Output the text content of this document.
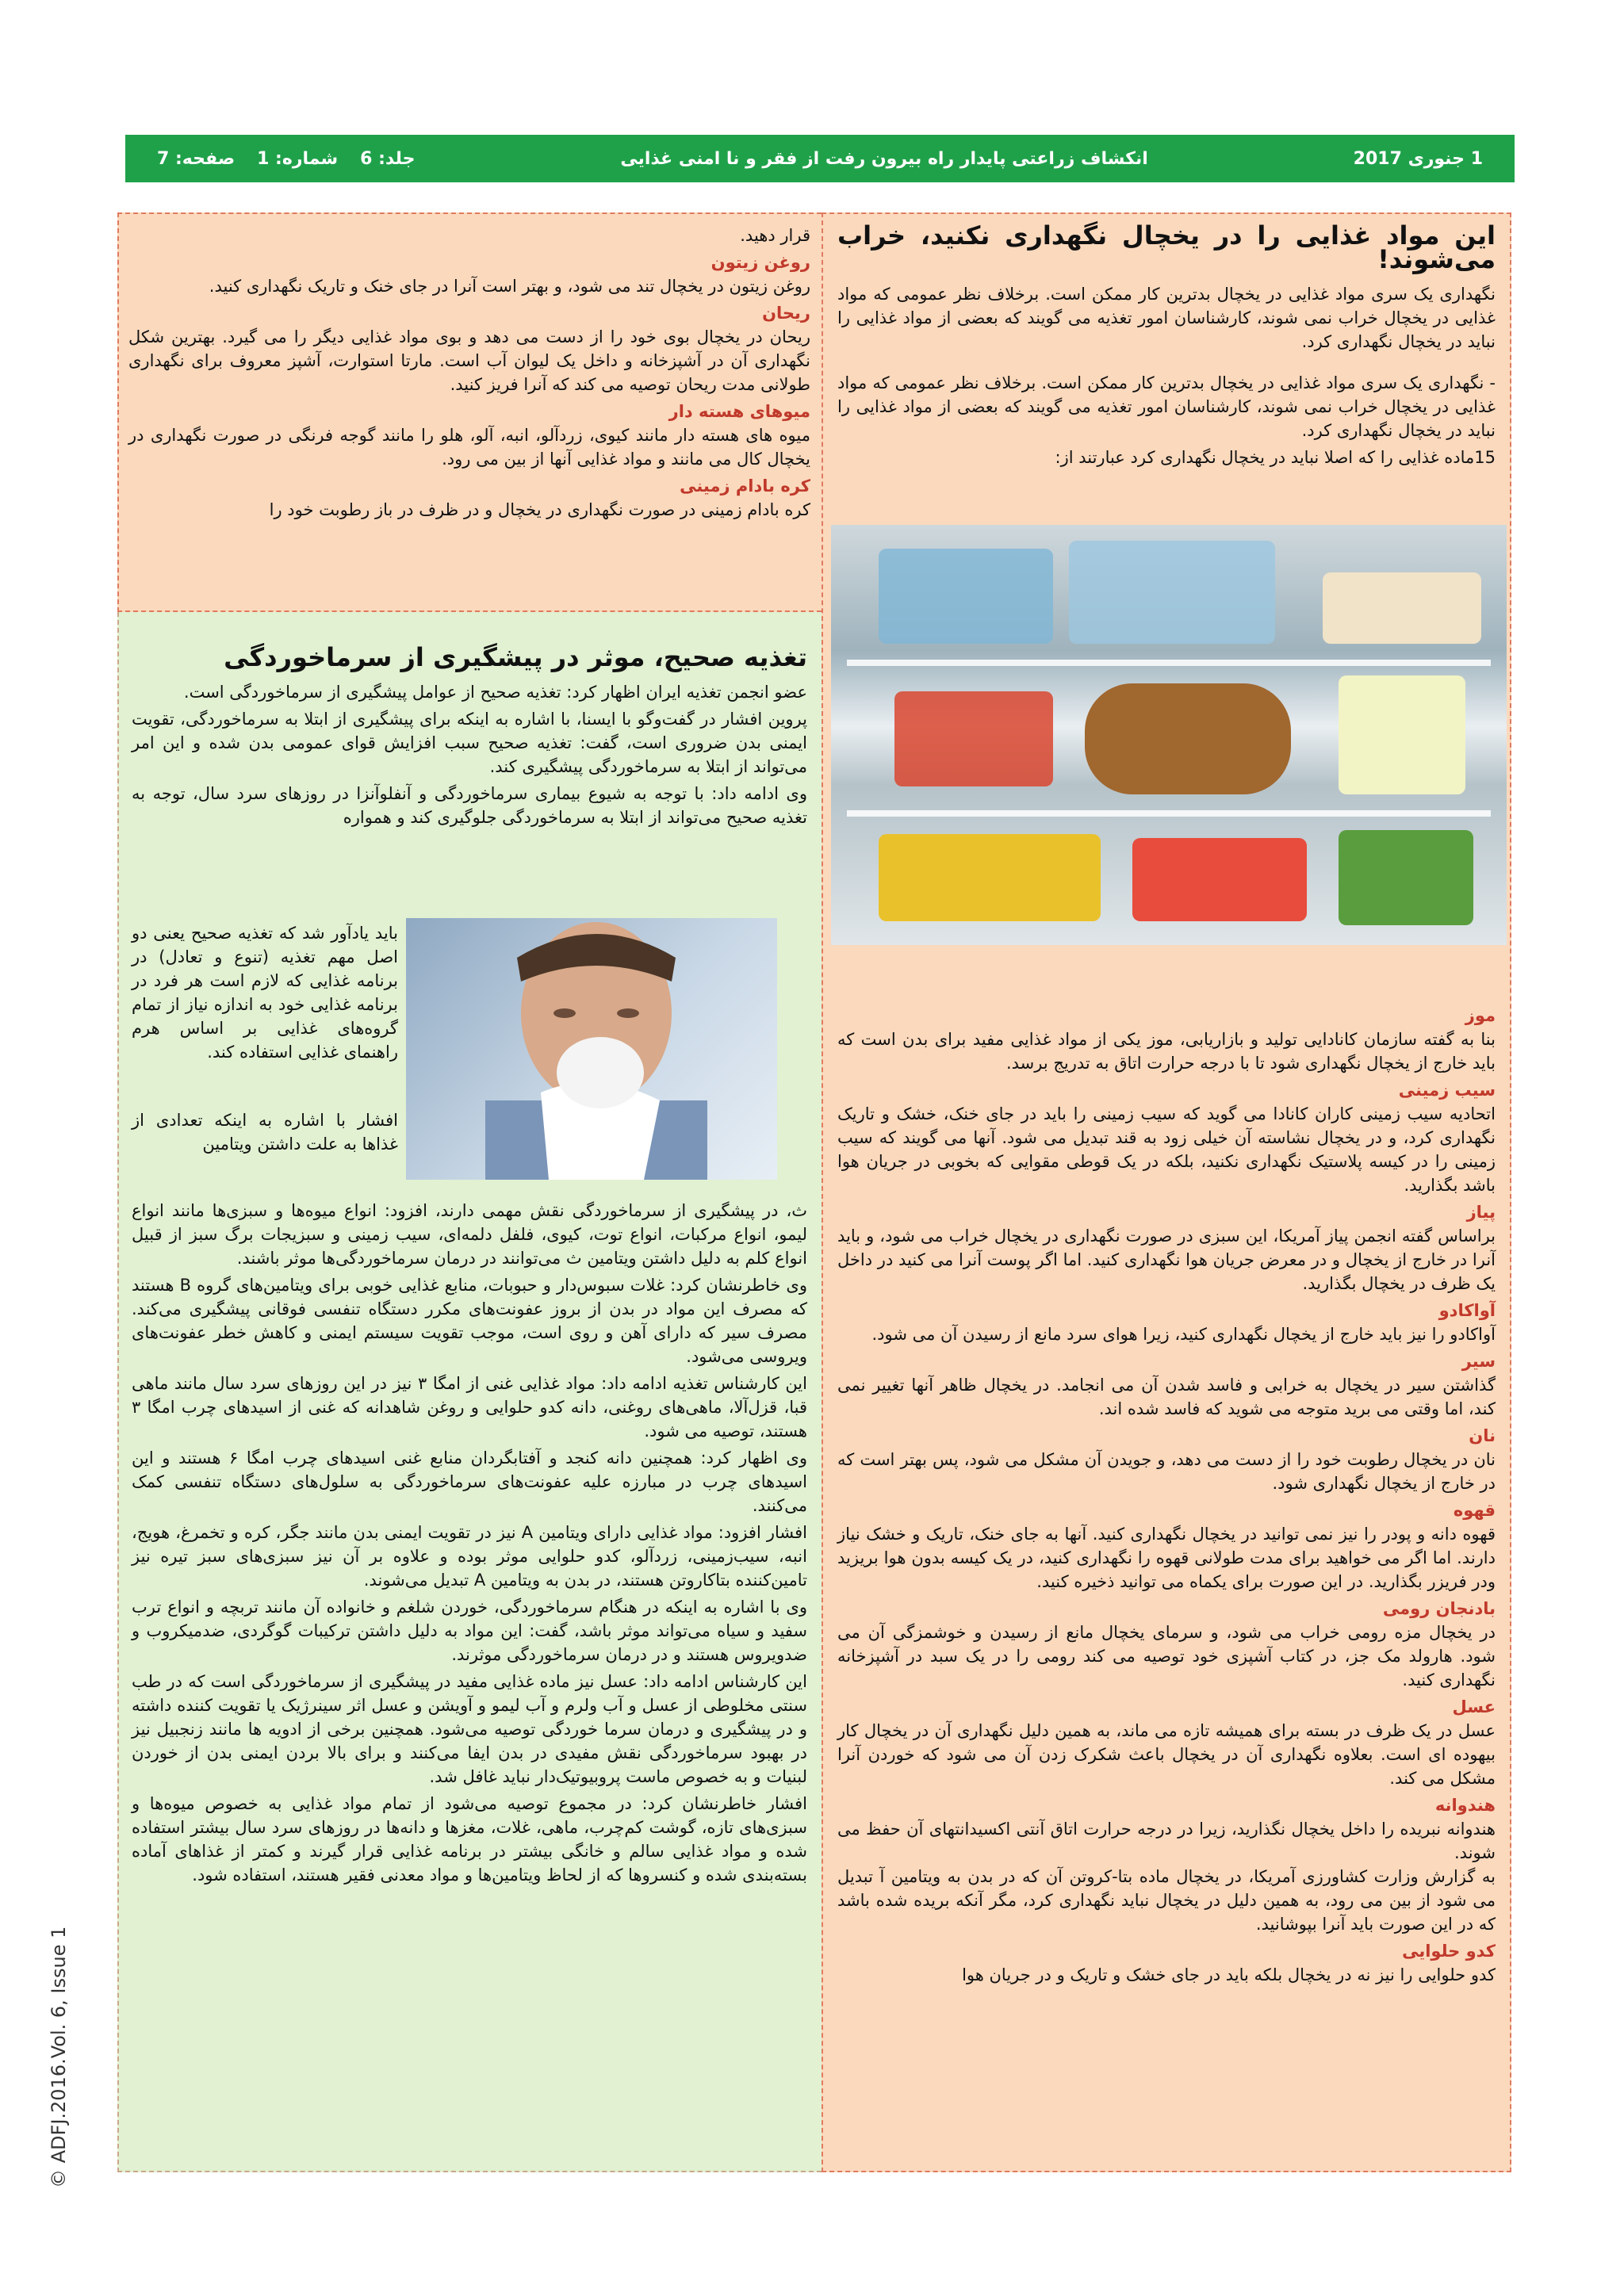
1 جنوری 2017
انکشاف زراعتی پایدار راه بیرون رفت از فقر و نا امنی غذایی
جلد: 6
شماره: 1
صفحه: 7
این مواد غذایی را در یخچال نگهداری نکنید، خراب می‌شوند!

نگهداری یک سری مواد غذایی در یخچال بدترین کار ممکن است. برخلاف نظر عمومی که مواد غذایی در یخچال خراب نمی شوند، کارشناسان امور تغذیه می گویند که بعضی از مواد غذایی را نباید در یخچال نگهداری کرد.

- نگهداری یک سری مواد غذایی در یخچال بدترین کار ممکن است. برخلاف نظر عمومی که مواد غذایی در یخچال خراب نمی شوند، کارشناسان امور تغذیه می گویند که بعضی از مواد غذایی را نباید در یخچال نگهداری کرد.

15ماده غذایی را که اصلا نباید در یخچال نگهداری کرد عبارتند از:

موز

بنا به گفته سازمان کانادایی تولید و بازاریابی، موز یکی از مواد غذایی مفید برای بدن است که باید خارج از یخچال نگهداری شود تا با درجه حرارت اتاق به تدریج برسد.

سیب زمینی

اتحادیه سیب زمینی کاران کانادا می گوید که سیب زمینی را باید در جای خنک، خشک و تاریک نگهداری کرد، و در یخچال نشاسته آن خیلی زود به قند تبدیل می شود. آنها می گویند که سیب زمینی را در کیسه پلاستیک نگهداری نکنید، بلکه در یک قوطی مقوایی که بخوبی در جریان هوا باشد بگذارید.

پیاز

براساس گفته انجمن پیاز آمریکا، این سبزی در صورت نگهداری در یخچال خراب می شود، و باید آنرا در خارج از یخچال و در معرض جریان هوا نگهداری کنید. اما اگر پوست آنرا می کنید در داخل یک ظرف در یخچال بگذارید.

آواکادو

آواکادو را نیز باید خارج از یخچال نگهداری کنید، زیرا هوای سرد مانع از رسیدن آن می شود.

سیر

گذاشتن سیر در یخچال به خرابی و فاسد شدن آن می انجامد. در یخچال ظاهر آنها تغییر نمی کند، اما وقتی می برید متوجه می شوید که فاسد شده اند.

نان

نان در یخچال رطوبت خود را از دست می دهد، و جویدن آن مشکل می شود، پس بهتر است که در خارج از یخچال نگهداری شود.

قهوه

قهوه دانه و پودر را نیز نمی توانید در یخچال نگهداری کنید. آنها به جای خنک، تاریک و خشک نیاز دارند. اما اگر می خواهید برای مدت طولانی قهوه را نگهداری کنید، در یک کیسه بدون هوا بریزید ودر فریزر بگذارید. در این صورت برای یکماه می توانید ذخیره کنید.

بادنجان رومی

در یخچال مزه رومی خراب می شود، و سرمای یخچال مانع از رسیدن و خوشمزگی آن می شود. هارولد مک جز، در کتاب آشپزی خود توصیه می کند رومی را در یک سبد در آشپزخانه نگهداری کنید.

عسل

عسل در یک ظرف در بسته برای همیشه تازه می ماند، به همین دلیل نگهداری آن در یخچال کار بیهوده ای است. بعلاوه نگهداری آن در یخچال باعث شکرک زدن آن می شود که خوردن آنرا مشکل می کند.

هندوانه

هندوانه نبریده را داخل یخچال نگذارید، زیرا در درجه حرارت اتاق آنتی اکسیدانتهای آن حفظ می شوند.
به گزارش وزارت کشاورزی آمریکا، در یخچال ماده بتا-کروتن آن که در بدن به ویتامین آ تبدیل می شود از بین می رود، به همین دلیل در یخچال نباید نگهداری کرد، مگر آنکه بریده شده باشد که در این صورت باید آنرا بپوشانید.

کدو حلوایی

کدو حلوایی را نیز نه در یخچال بلکه باید در جای خشک و تاریک و در جریان هوا

قرار دهید.

روغن زیتون

روغن زیتون در یخچال تند می شود، و بهتر است آنرا در جای خنک و تاریک نگهداری کنید.

ریحان

ریحان در یخچال بوی خود را از دست می دهد و بوی مواد غذایی دیگر را می گیرد. بهترین شکل نگهداری آن در آشپزخانه و داخل یک لیوان آب است. مارتا استوارت، آشپز معروف برای نگهداری طولانی مدت ریحان توصیه می کند که آنرا فریز کنید.

میوهای هسته دار

میوه های هسته دار مانند کیوی، زردآلو، انبه، آلو، هلو را مانند گوجه فرنگی در صورت نگهداری در یخچال کال می مانند و مواد غذایی آنها از بین می رود.

کره بادام زمینی

کره بادام زمینی در صورت نگهداری در یخچال و در ظرف در باز رطوبت خود را

تغذیه صحیح، موثر در پیشگیری از سرماخوردگی

عضو انجمن تغذیه ایران اظهار کرد: تغذیه صحیح از عوامل پیشگیری از سرماخوردگی است.

پروین افشار در گفت‌وگو با ایسنا، با اشاره به اینکه برای پیشگیری از ابتلا به سرماخوردگی، تقویت ایمنی بدن ضروری است، گفت: تغذیه صحیح سبب افزایش قوای عمومی بدن شده و این امر می‌تواند از ابتلا به سرماخوردگی پیشگیری کند.

وی ادامه داد: با توجه به شیوع بیماری سرماخوردگی و آنفلوآنزا در روزهای سرد سال، توجه به تغذیه صحیح می‌تواند از ابتلا به سرماخوردگی جلوگیری کند و همواره

باید یادآور شد که تغذیه صحیح یعنی دو اصل مهم تغذیه (تنوع و تعادل) در برنامه غذایی که لازم است هر فرد در برنامه غذایی خود به اندازه نیاز از تمام گروه‌های غذایی بر اساس هرم راهنمای غذایی استفاده کند.

افشار با اشاره به اینکه تعدادی از غذاها به علت داشتن ویتامین

ث، در پیشگیری از سرماخوردگی نقش مهمی دارند، افزود: انواع میوه‌ها و سبزی‌ها مانند انواع لیمو، انواع مرکبات، انواع توت، کیوی، فلفل دلمه‌ای، سیب زمینی و سبزیجات برگ سبز از قبیل انواع کلم به دلیل داشتن ویتامین ث می‌توانند در درمان سرماخوردگی‌ها موثر باشند.

وی خاطرنشان کرد: غلات سبوس‌دار و حبوبات، منابع غذایی خوبی برای ویتامین‌های گروه B هستند که مصرف این مواد در بدن از بروز عفونت‌های مکرر دستگاه تنفسی فوقانی پیشگیری می‌کند. مصرف سیر که دارای آهن و روی است، موجب تقویت سیستم ایمنی و کاهش خطر عفونت‌های ویروسی می‌شود.

این کارشناس تغذیه ادامه داد: مواد غذایی غنی از امگا ۳ نیز در این روزهای سرد سال مانند ماهی قبا، قزل‌آلا، ماهی‌های روغنی، دانه کدو حلوایی و روغن شاهدانه که غنی از اسیدهای چرب امگا ۳ هستند، توصیه می شود.

وی اظهار کرد: همچنین دانه کنجد و آفتابگردان منابع غنی اسیدهای چرب امگا ۶ هستند و این اسیدهای چرب در مبارزه علیه عفونت‌های سرماخوردگی به سلول‌های دستگاه تنفسی کمک می‌کنند.

افشار افزود: مواد غذایی دارای ویتامین A نیز در تقویت ایمنی بدن مانند جگر، کره و تخمرغ، هویج، انبه، سیب‌زمینی، زردآلو، کدو حلوایی موثر بوده و علاوه بر آن نیز سبزی‌های سبز تیره نیز تامین‌کننده بتاکاروتن هستند، در بدن به ویتامین A تبدیل می‌شوند.

وی با اشاره به اینکه در هنگام سرماخوردگی، خوردن شلغم و خانواده آن مانند تربچه و انواع ترب سفید و سیاه می‌تواند موثر باشد، گفت: این مواد به دلیل داشتن ترکیبات گوگردی، ضدمیکروب و ضدویروس هستند و در درمان سرماخوردگی موثرند.

این کارشناس ادامه داد: عسل نیز ماده غذایی مفید در پیشگیری از سرماخوردگی است که در طب سنتی مخلوطی از عسل و آب ولرم و آب لیمو و آویشن و عسل اثر سینرژیک یا تقویت کننده داشته و در پیشگیری و درمان سرما خوردگی توصیه می‌شود. همچنین برخی از ادویه ها مانند زنجبیل نیز در بهبود سرماخوردگی نقش مفیدی در بدن ایفا می‌کنند و برای بالا بردن ایمنی بدن از خوردن لبنیات و به خصوص ماست پروبیوتیک‌دار نباید غافل شد.

افشار خاطرنشان کرد: در مجموع توصیه می‌شود از تمام مواد غذایی به خصوص میوه‌ها و سبزی‌های تازه، گوشت کم‌چرب، ماهی، غلات، مغزها و دانه‌ها در روزهای سرد سال بیشتر استفاده شده و مواد غذایی سالم و خانگی بیشتر در برنامه غذایی قرار گیرند و کمتر از غذاهای آماده بسته‌بندی شده و کنسروها که از لحاظ ویتامین‌ها و مواد معدنی فقیر هستند، استفاده شود.

© ADFJ.2016.Vol. 6, Issue 1
